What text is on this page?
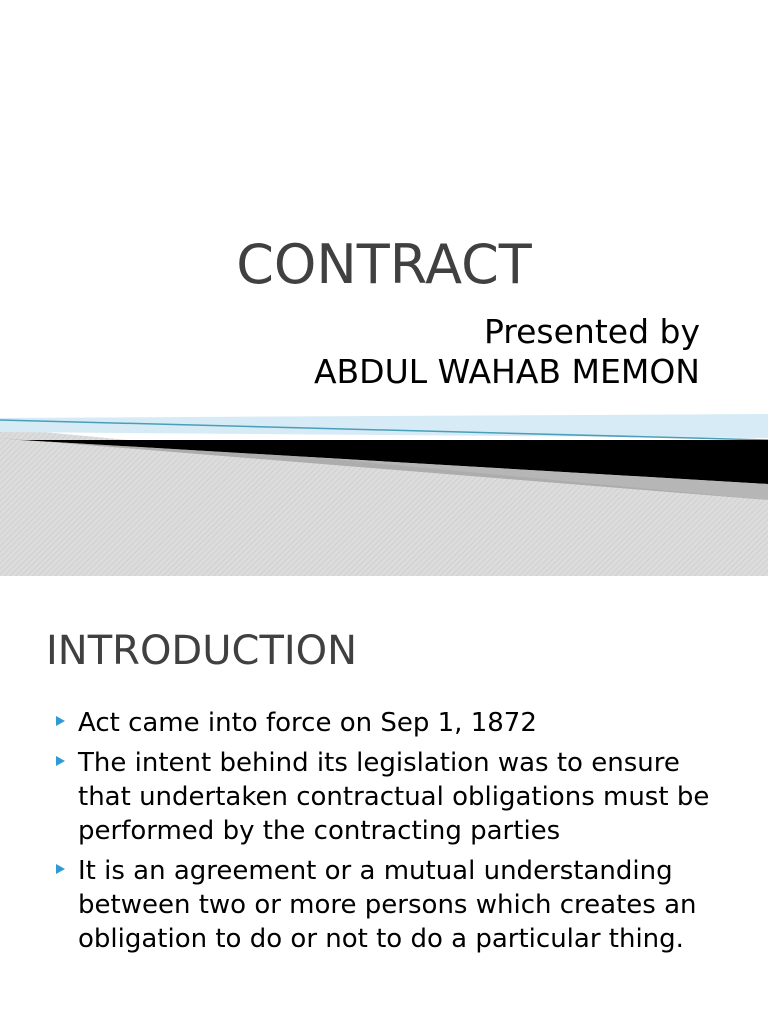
CONTRACT
Presented by
ABDUL WAHAB MEMON
INTRODUCTION
Act came into force on Sep 1, 1872
The intent behind its legislation was to ensure that undertaken contractual obligations must be performed by the contracting parties
It is an agreement or a mutual understanding between two or more persons which creates an obligation to do or not to do a particular thing.
